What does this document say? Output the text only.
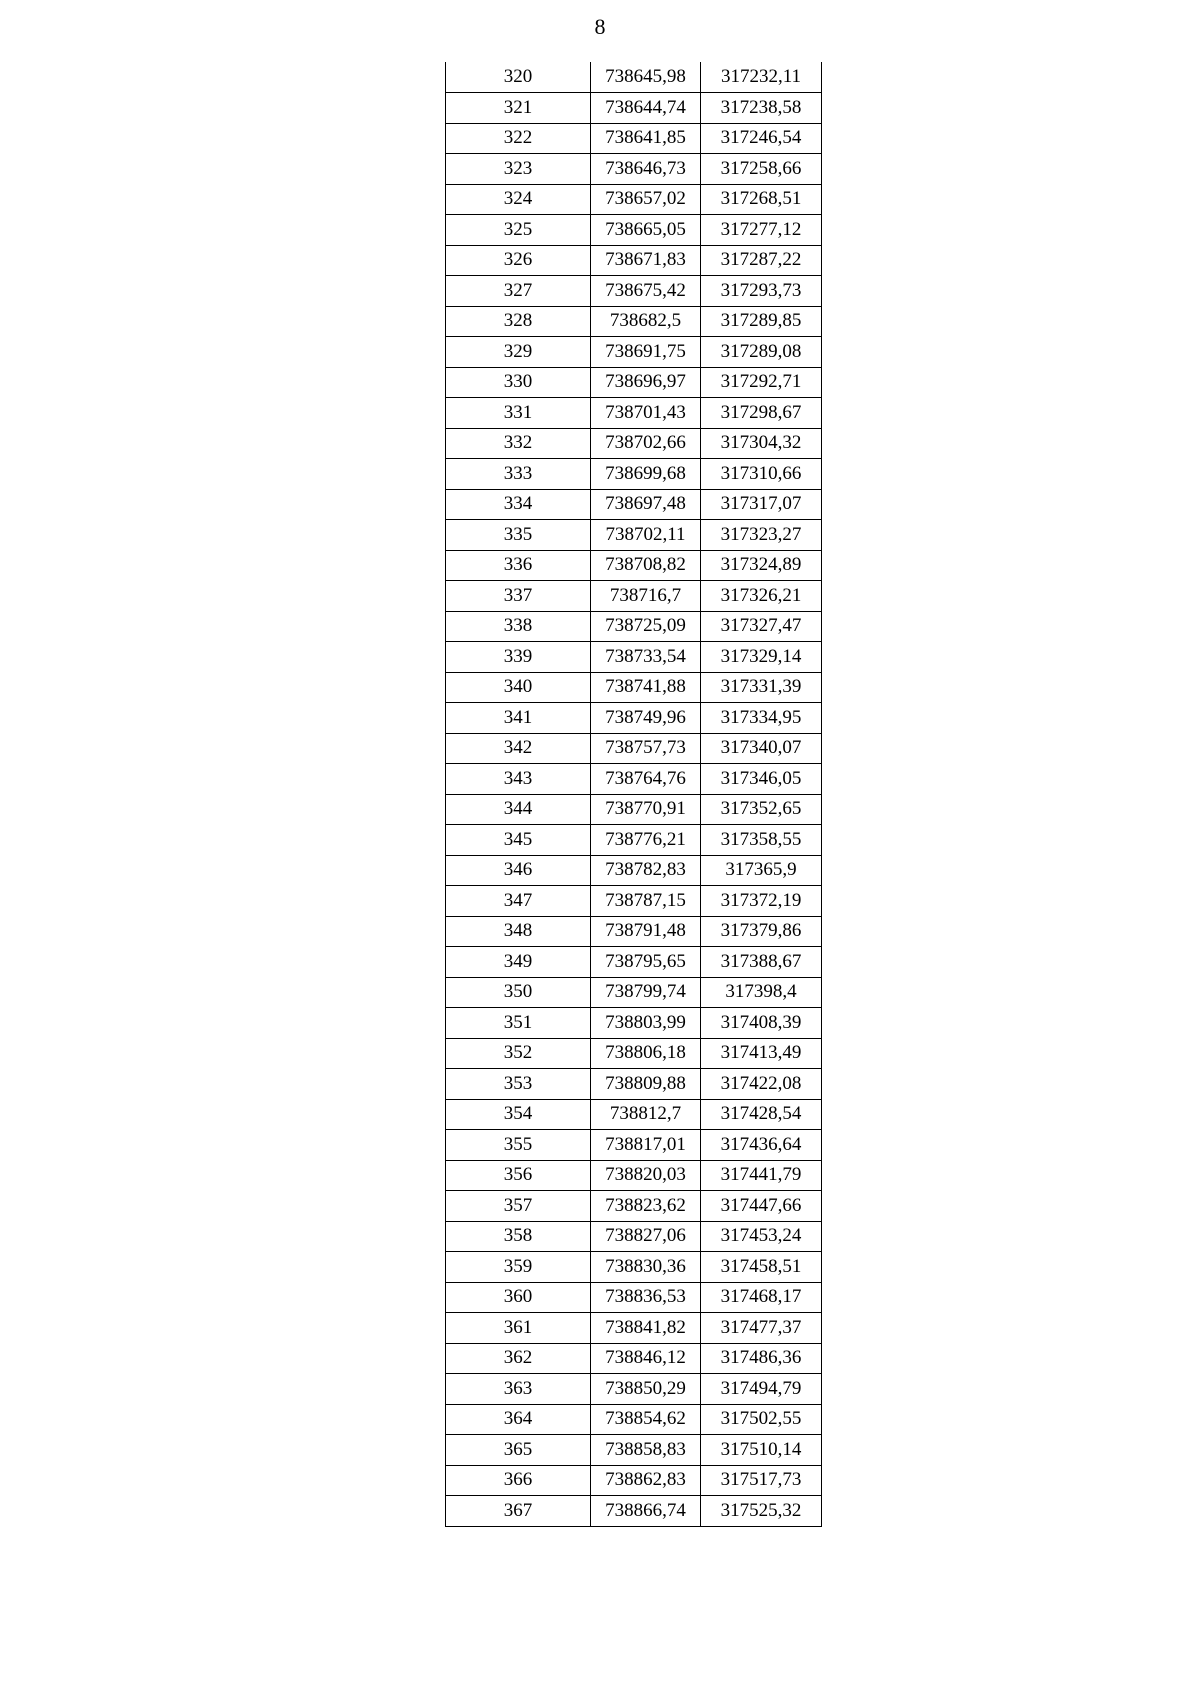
8
320	738645,98	317232,11
321	738644,74	317238,58
322	738641,85	317246,54
323	738646,73	317258,66
324	738657,02	317268,51
325	738665,05	317277,12
326	738671,83	317287,22
327	738675,42	317293,73
328	738682,5	317289,85
329	738691,75	317289,08
330	738696,97	317292,71
331	738701,43	317298,67
332	738702,66	317304,32
333	738699,68	317310,66
334	738697,48	317317,07
335	738702,11	317323,27
336	738708,82	317324,89
337	738716,7	317326,21
338	738725,09	317327,47
339	738733,54	317329,14
340	738741,88	317331,39
341	738749,96	317334,95
342	738757,73	317340,07
343	738764,76	317346,05
344	738770,91	317352,65
345	738776,21	317358,55
346	738782,83	317365,9
347	738787,15	317372,19
348	738791,48	317379,86
349	738795,65	317388,67
350	738799,74	317398,4
351	738803,99	317408,39
352	738806,18	317413,49
353	738809,88	317422,08
354	738812,7	317428,54
355	738817,01	317436,64
356	738820,03	317441,79
357	738823,62	317447,66
358	738827,06	317453,24
359	738830,36	317458,51
360	738836,53	317468,17
361	738841,82	317477,37
362	738846,12	317486,36
363	738850,29	317494,79
364	738854,62	317502,55
365	738858,83	317510,14
366	738862,83	317517,73
367	738866,74	317525,32
